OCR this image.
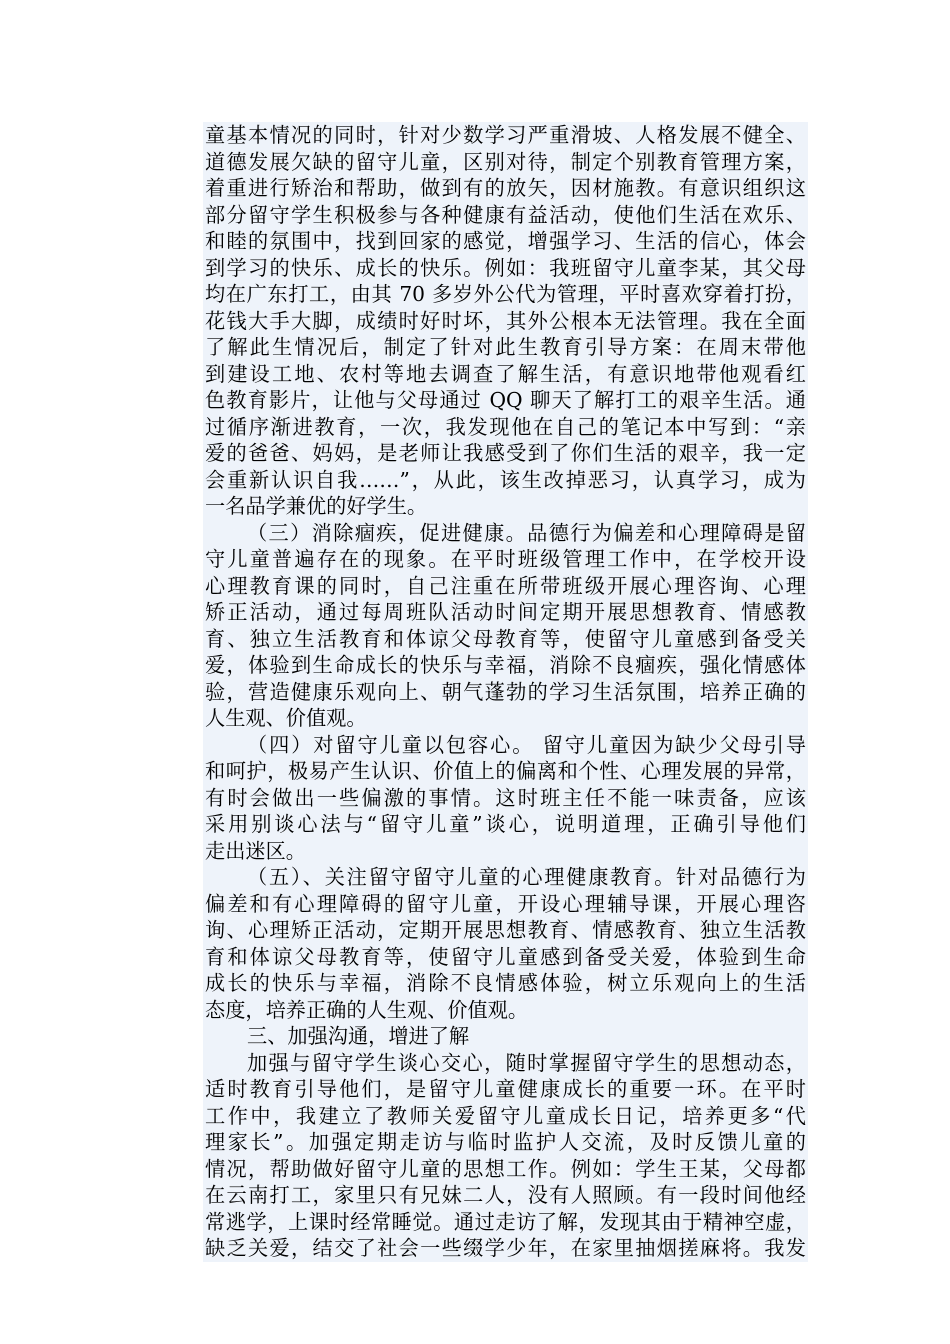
童基本情况的同时，针对少数学习严重滑坡、人格发展不健全、
道德发展欠缺的留守儿童，区别对待，制定个别教育管理方案，
着重进行矫治和帮助，做到有的放矢，因材施教。有意识组织这
部分留守学生积极参与各种健康有益活动，使他们生活在欢乐、
和睦的氛围中，找到回家的感觉，增强学习、生活的信心，体会
到学习的快乐、成长的快乐。例如：我班留守儿童李某，其父母
均在广东打工，由其 70 多岁外公代为管理，平时喜欢穿着打扮，
花钱大手大脚，成绩时好时坏，其外公根本无法管理。我在全面
了解此生情况后，制定了针对此生教育引导方案：在周末带他
到建设工地、农村等地去调查了解生活，有意识地带他观看红
色教育影片，让他与父母通过 QQ 聊天了解打工的艰辛生活。通
过循序渐进教育，一次，我发现他在自己的笔记本中写到：“亲
爱的爸爸、妈妈，是老师让我感受到了你们生活的艰辛，我一定
会重新认识自我……”，从此，该生改掉恶习，认真学习，成为
一名品学兼优的好学生。
（三）消除痼疾，促进健康。品德行为偏差和心理障碍是留
守儿童普遍存在的现象。在平时班级管理工作中，在学校开设
心理教育课的同时，自己注重在所带班级开展心理咨询、心理
矫正活动，通过每周班队活动时间定期开展思想教育、情感教
育、独立生活教育和体谅父母教育等，使留守儿童感到备受关
爱，体验到生命成长的快乐与幸福，消除不良痼疾，强化情感体
验，营造健康乐观向上、朝气蓬勃的学习生活氛围，培养正确的
人生观、价值观。
（四）对留守儿童以包容心。 留守儿童因为缺少父母引导
和呵护，极易产生认识、价值上的偏离和个性、心理发展的异常，
有时会做出一些偏激的事情。这时班主任不能一味责备，应该
采用别谈心法与“留守儿童”谈心，说明道理，正确引导他们
走出迷区。
（五）、关注留守留守儿童的心理健康教育。针对品德行为
偏差和有心理障碍的留守儿童，开设心理辅导课，开展心理咨
询、心理矫正活动，定期开展思想教育、情感教育、独立生活教
育和体谅父母教育等，使留守儿童感到备受关爱，体验到生命
成长的快乐与幸福，消除不良情感体验，树立乐观向上的生活
态度，培养正确的人生观、价值观。
三、加强沟通，增进了解
加强与留守学生谈心交心，随时掌握留守学生的思想动态，
适时教育引导他们，是留守儿童健康成长的重要一环。在平时
工作中，我建立了教师关爱留守儿童成长日记，培养更多“代
理家长”。加强定期走访与临时监护人交流，及时反馈儿童的
情况，帮助做好留守儿童的思想工作。例如：学生王某，父母都
在云南打工，家里只有兄妹二人，没有人照顾。有一段时间他经
常逃学，上课时经常睡觉。通过走访了解，发现其由于精神空虚，
缺乏关爱，结交了社会一些缀学少年，在家里抽烟搓麻将。我发
